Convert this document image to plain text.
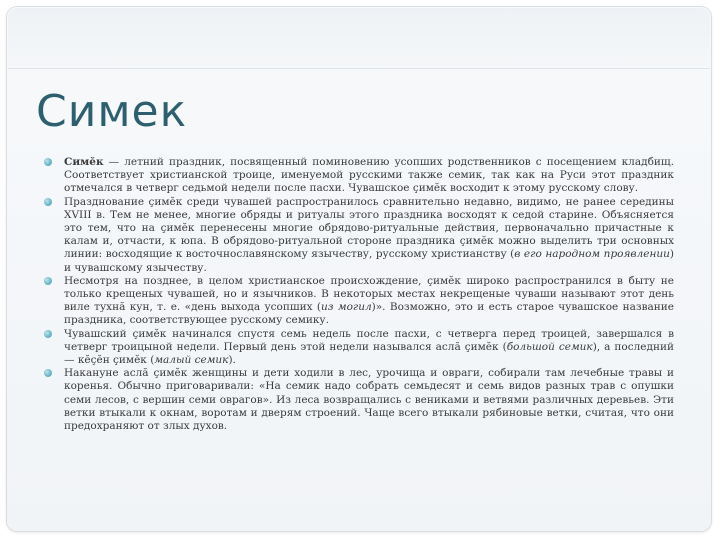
Симек
Симĕк — летний праздник, посвященный поминовению усопших родственников с посещением кладбищ. Соответствует христианской троице, именуемой русскими также семик, так как на Руси этот праздник отмечался в четверг седьмой недели после пасхи. Чувашское çимĕк восходит к этому русскому слову.
Празднование çимĕк среди чувашей распространилось сравнительно недавно, видимо, не ранее середины XVIII в. Тем не менее, многие обряды и ритуалы этого праздника восходят к седой старине. Объясняется это тем, что на çимĕк перенесены многие обрядово-ритуальные действия, первоначально причастные к калам и, отчасти, к юпа. В обрядово-ритуальной стороне праздника çимĕк можно выделить три основных линии: восходящие к восточнославянскому язычеству, русскому христианству (в его народном проявлении) и чувашскому язычеству.
Несмотря на позднее, в целом христианское происхождение, çимĕк широко распространился в быту не только крещеных чувашей, но и язычников. В некоторых местах некрещеные чуваши называют этот день виле тухнă кун, т. е. «день выхода усопших (из могил)». Возможно, это и есть старое чувашское название праздника, соответствующее русскому семику.
Чувашский çимĕк начинался спустя семь недель после пасхи, с четверга перед троицей, завершался в четверг троицыной недели. Первый день этой недели назывался аслă çимĕк (большой семик), а последний — кĕçĕн çимĕк (малый семик).
Накануне аслă çимĕк женщины и дети ходили в лес, урочища и овраги, собирали там лечебные травы и коренья. Обычно приговаривали: «На семик надо собрать семьдесят и семь видов разных трав с опушки семи лесов, с вершин семи оврагов». Из леса возвращались с вениками и ветвями различных деревьев. Эти ветки втыкали к окнам, воротам и дверям строений. Чаще всего втыкали рябиновые ветки, считая, что они предохраняют от злых духов.
